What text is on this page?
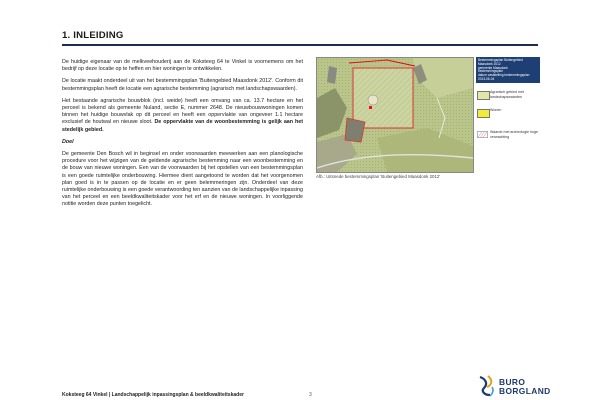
1. INLEIDING

De huidige eigenaar van de melkveehouderij aan de Koksteeg 64 te Vinkel is voornemens om het bedrijf op deze locatie op te heffen en hier woningen te ontwikkelen.

De locatie maakt onderdeel uit van het bestemmingsplan 'Buitengebied Maasdonk 2012'. Conform dit bestemmingsplan heeft de locatie een agrarische bestemming (agrarisch met landschapswaarden).

Het bestaande agrarische bouwblok (incl. weide) heeft een omvang van ca. 13.7 hectare en het perceel is bekend als gemeente Nuland, sectie E, nummer 2648. De nieuwbouwwoningen komen binnen het huidige bouwvlak op dit perceel en heeft een oppervlakte van ongeveer 1.1 hectare exclusief de houtwal en nieuwe sloot. De oppervlakte van de woonbestemming is gelijk aan het stedelijk gebied.

Doel

De gemeente Den Bosch wil in beginsel en onder voorwaarden meewerken aan een planologische procedure voor het wijzigen van de geldende agrarische bestemming naar een woonbestemming en de bouw van nieuwe woningen. Een van de voorwaarden bij het opstellen van een bestemmingsplan is een goede ruimtelijke onderbouwing. Hiermee dient aangetoond te worden dat het voorgenomen plan goed is in te passen op de locatie en er geen belemmeringen zijn. Onderdeel van deze ruimtelijke onderbouwing is een goede verantwoording ten aanzien van de landschappelijke inpassing van het perceel en een beeldkwaliteitskader voor het erf en de nieuwe woningen. In voorliggende notitie worden deze punten toegelicht.

Bestemmingsplan Buitengebied
Maasdonk 2012
gemeente Maasdonk
bestemmingsplan
datum vaststelling bestemmingsplan 2013-06-04
Agrarisch gebied met landschapswaarden
Wonen
Waarde met archeologie hoge verwachting
Afb.: Uitsnede bestemmingsplan 'Buitengebied Maasdonk 2012'
Koksteeg 64 Vinkel | Landschappelijk inpassingsplan & beeldkwaliteitskader	3
BURO
BORGLAND
